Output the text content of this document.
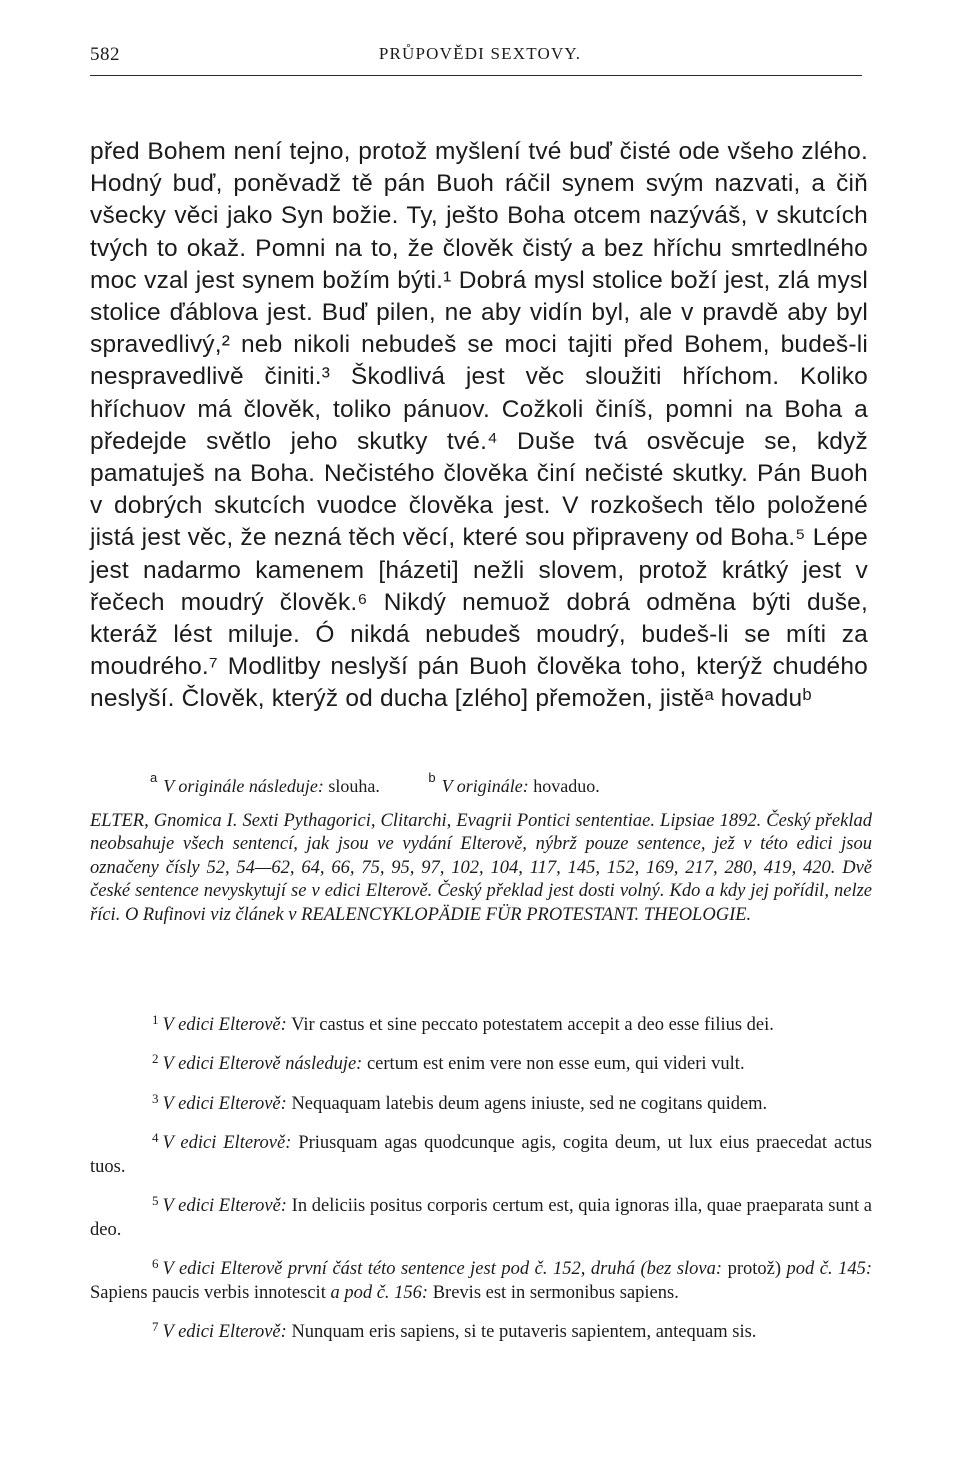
582	PRŮPOVĚDI SEXTOVY.

před Bohem není tejno, protož myšlení tvé buď čisté ode všeho zlého. Hodný buď, poněvadž tě pán Buoh ráčil synem svým nazvati, a čiň všecky věci jako Syn božie. Ty, ješto Boha otcem nazýváš, v skutcích tvých to okaž. Pomni na to, že člověk čistý a bez hříchu smrtedlného moc vzal jest synem božím býti.¹ Dobrá mysl stolice boží jest, zlá mysl stolice ďáblova jest. Buď pilen, ne aby vidín byl, ale v pravdě aby byl spravedlivý,² neb nikoli nebudeš se moci tajiti před Bohem, budeš-li nespravedlivě činiti.³ Škodlivá jest věc sloužiti hříchom. Koliko hříchuov má člověk, toliko pánuov. Cožkoli činíš, pomni na Boha a předejde světlo jeho skutky tvé.⁴ Duše tvá osvěcuje se, když pamatuješ na Boha. Nečistého člověka činí nečisté skutky. Pán Buoh v dobrých skutcích vuodce člověka jest. V rozkošech tělo položené jistá jest věc, že nezná těch věcí, které sou připraveny od Boha.⁵ Lépe jest nadarmo kamenem [házeti] nežli slovem, protož krátký jest v řečech moudrý člověk.⁶ Nikdý nemuož dobrá odměna býti duše, kteráž lést miluje. Ó nikdá nebudeš moudrý, budeš-li se míti za moudrého.⁷ Modlitby neslyší pán Buoh člověka toho, kterýž chudého neslyší. Člověk, kterýž od ducha [zlého] přemožen, jistěᵃ hovaduᵇ

$^a$ V originále následuje: slouha.	$^b$ V originále: hovaduo.

ELTER, Gnomica I. Sexti Pythagorici, Clitarchi, Evagrii Pontici sententiae. Lipsiae 1892. Český překlad neobsahuje všech sentencí, jak jsou ve vydání Elterově, nýbrž pouze sentence, jež v této edici jsou označeny čísly 52, 54—62, 64, 66, 75, 95, 97, 102, 104, 117, 145, 152, 169, 217, 280, 419, 420. Dvě české sentence nevyskytují se v edici Elterově. Český překlad jest dosti volný. Kdo a kdy jej pořídil, nelze říci. O Rufinovi viz článek v REALENCYKLOPÄDIE FÜR PROTESTANT. THEOLOGIE.

$^1$ V edici Elterově: Vir castus et sine peccato potestatem accepit a deo esse filius dei.

$^2$ V edici Elterově následuje: certum est enim vere non esse eum, qui videri vult.

$^3$ V edici Elterově: Nequaquam latebis deum agens iniuste, sed ne cogitans quidem.

$^4$ V edici Elterově: Priusquam agas quodcunque agis, cogita deum, ut lux eius praecedat actus tuos.

$^5$ V edici Elterově: In deliciis positus corporis certum est, quia ignoras illa, quae praeparata sunt a deo.

$^6$ V edici Elterově první část této sentence jest pod č. 152, druhá (bez slova: protož) pod č. 145: Sapiens paucis verbis innotescit a pod č. 156: Brevis est in sermonibus sapiens.

$^7$ V edici Elterově: Nunquam eris sapiens, si te putaveris sapientem, antequam sis.
